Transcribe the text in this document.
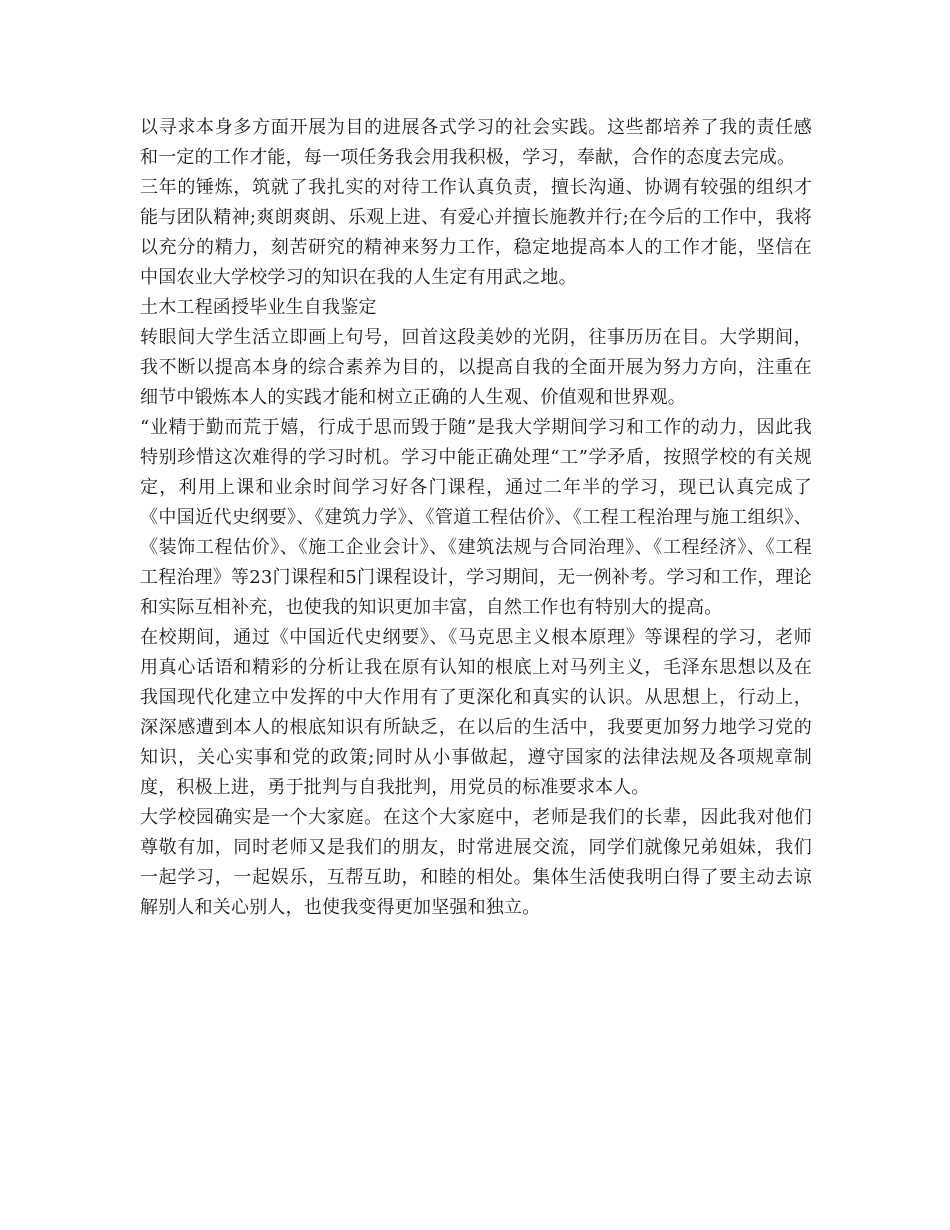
以寻求本身多方面开展为目的进展各式学习的社会实践。这些都培养了我的责任感和一定的工作才能，每一项任务我会用我积极，学习，奉献，合作的态度去完成。

三年的锤炼，筑就了我扎实的对待工作认真负责，擅长沟通、协调有较强的组织才能与团队精神;爽朗爽朗、乐观上进、有爱心并擅长施教并行;在今后的工作中，我将以充分的精力，刻苦研究的精神来努力工作，稳定地提高本人的工作才能，坚信在中国农业大学校学习的知识在我的人生定有用武之地。

土木工程函授毕业生自我鉴定

转眼间大学生活立即画上句号，回首这段美妙的光阴，往事历历在目。大学期间，我不断以提高本身的综合素养为目的，以提高自我的全面开展为努力方向，注重在细节中锻炼本人的实践才能和树立正确的人生观、价值观和世界观。

“业精于勤而荒于嬉，行成于思而毁于随”是我大学期间学习和工作的动力，因此我特别珍惜这次难得的学习时机。学习中能正确处理“工”学矛盾，按照学校的有关规定，利用上课和业余时间学习好各门课程，通过二年半的学习，现已认真完成了《中国近代史纲要》、《建筑力学》、《管道工程估价》、《工程工程治理与施工组织》、《装饰工程估价》、《施工企业会计》、《建筑法规与合同治理》、《工程经济》、《工程工程治理》等23门课程和5门课程设计，学习期间，无一例补考。学习和工作，理论和实际互相补充，也使我的知识更加丰富，自然工作也有特别大的提高。

在校期间，通过《中国近代史纲要》、《马克思主义根本原理》等课程的学习，老师用真心话语和精彩的分析让我在原有认知的根底上对马列主义，毛泽东思想以及在我国现代化建立中发挥的中大作用有了更深化和真实的认识。从思想上，行动上，深深感遭到本人的根底知识有所缺乏，在以后的生活中，我要更加努力地学习党的知识，关心实事和党的政策;同时从小事做起，遵守国家的法律法规及各项规章制度，积极上进，勇于批判与自我批判，用党员的标准要求本人。

大学校园确实是一个大家庭。在这个大家庭中，老师是我们的长辈，因此我对他们尊敬有加，同时老师又是我们的朋友，时常进展交流，同学们就像兄弟姐妹，我们一起学习，一起娱乐，互帮互助，和睦的相处。集体生活使我明白得了要主动去谅解别人和关心别人，也使我变得更加坚强和独立。
